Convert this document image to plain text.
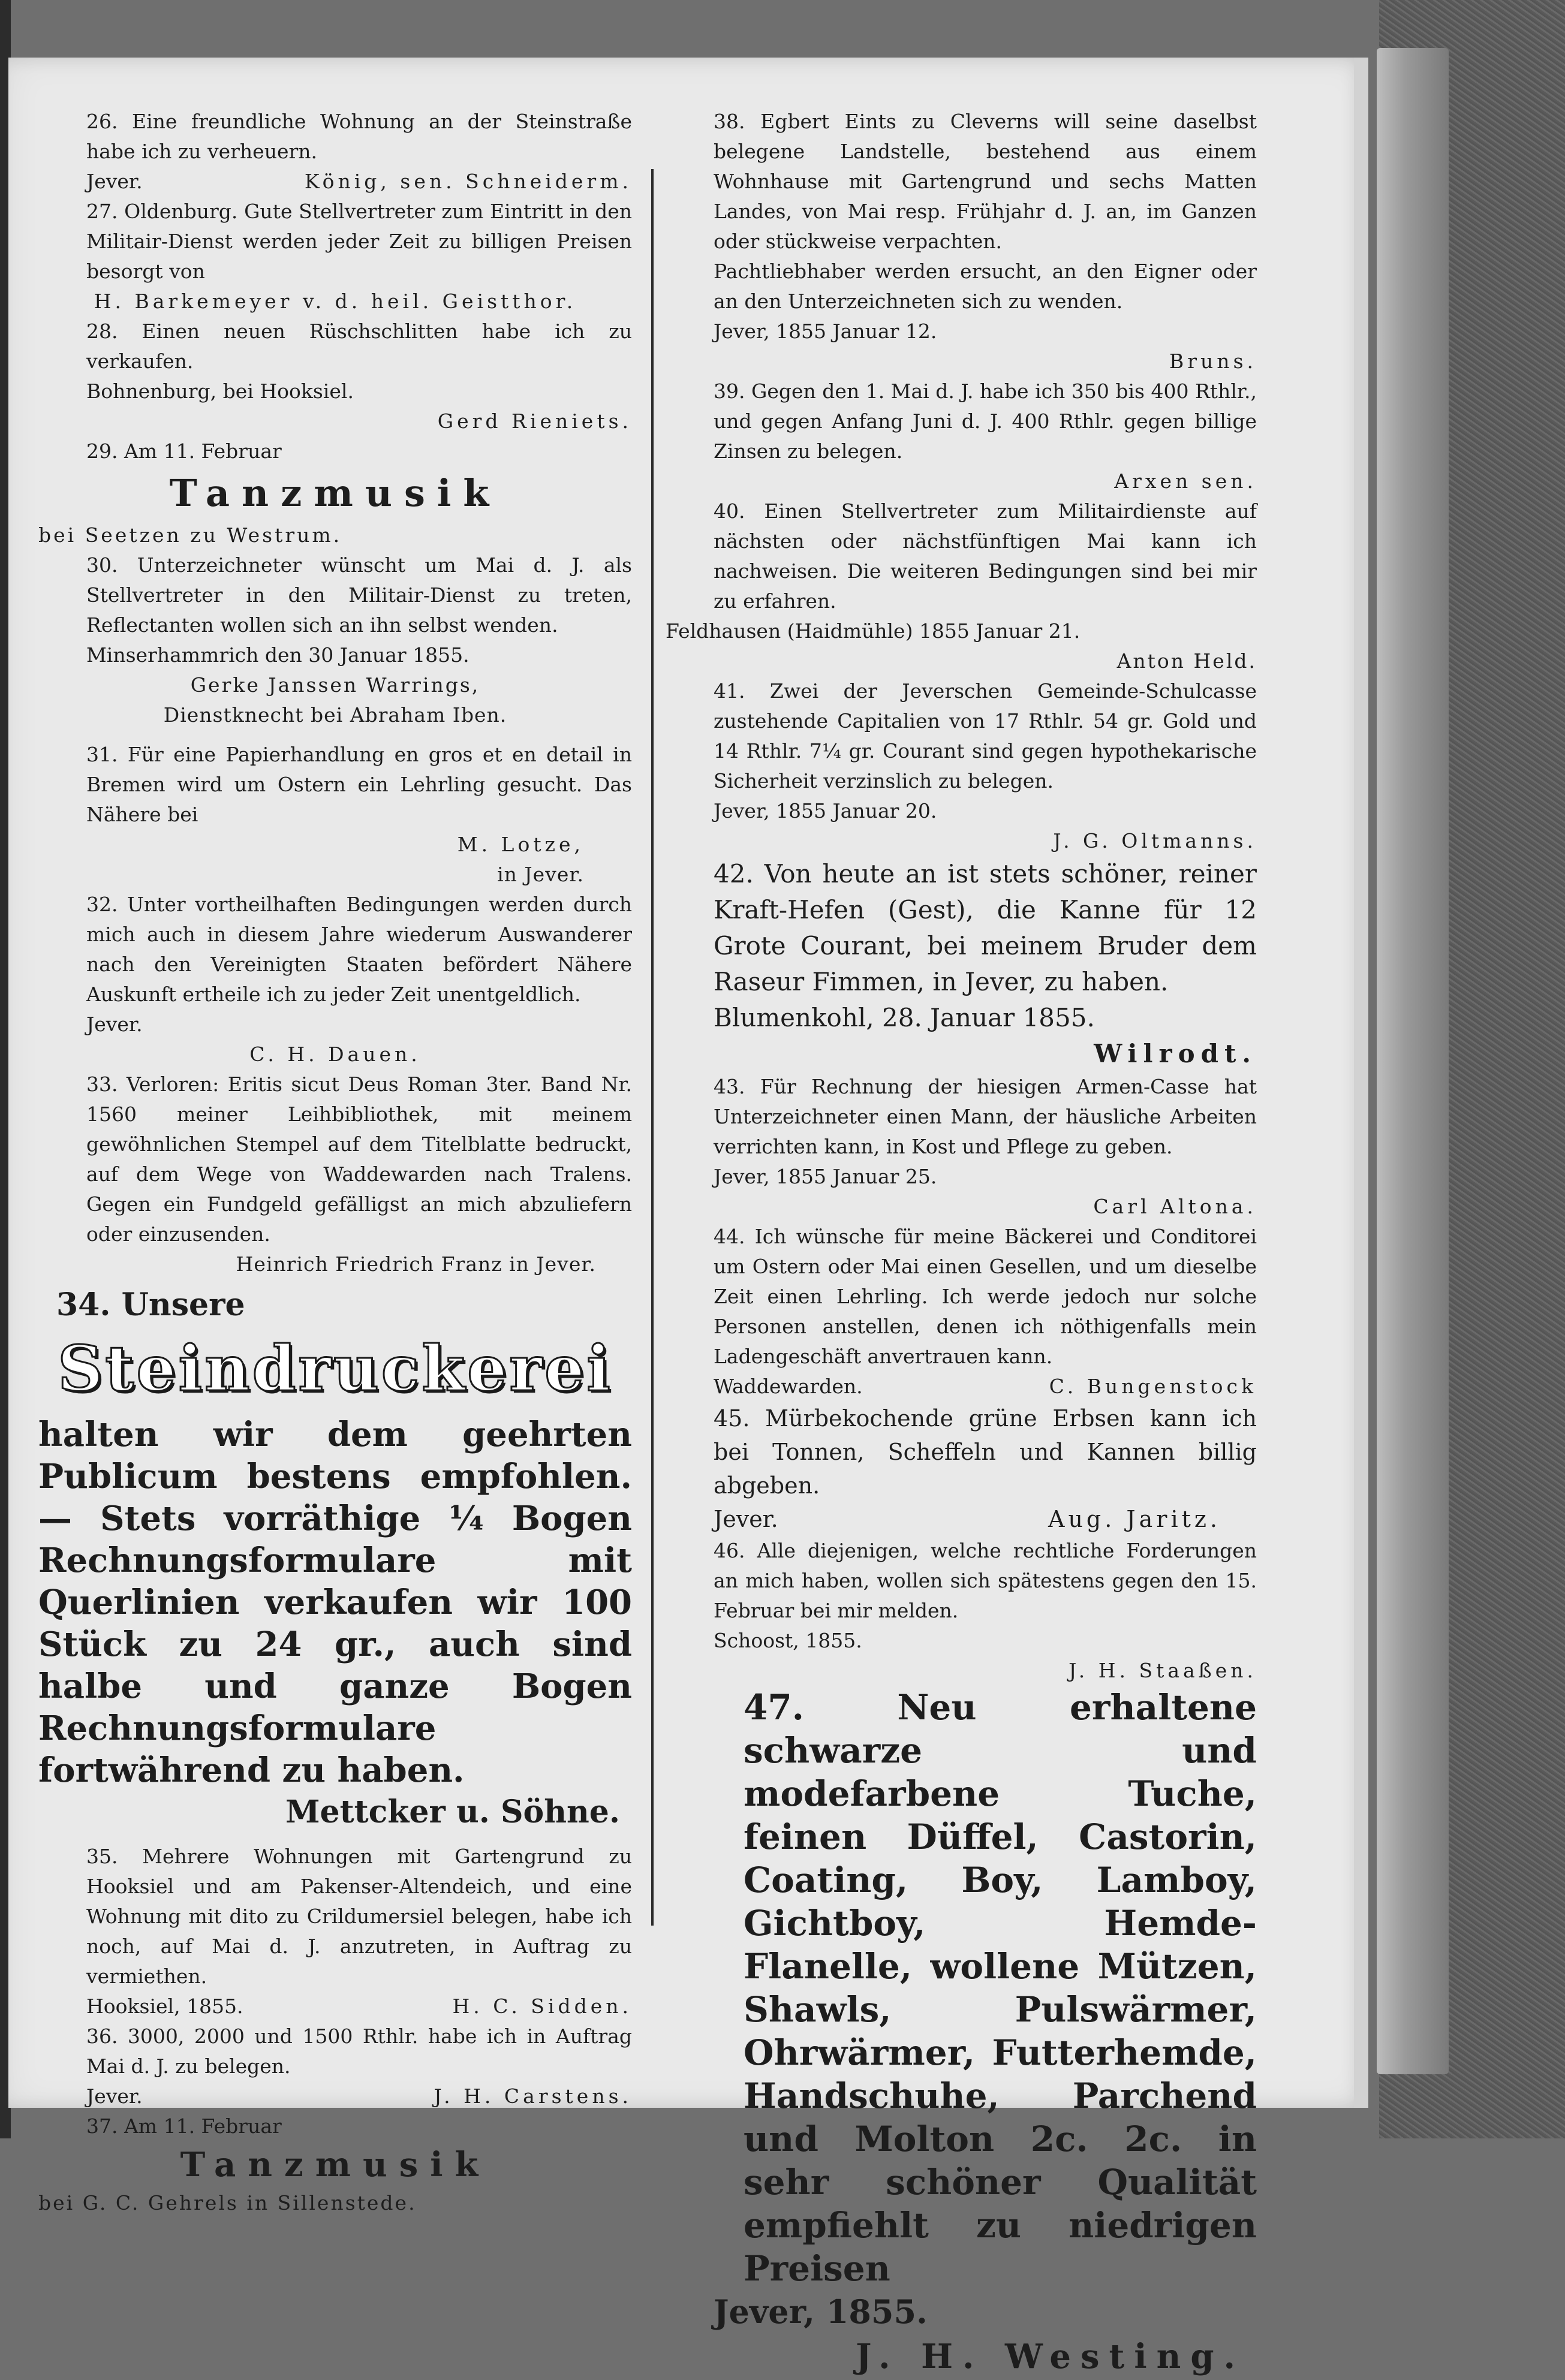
26. Eine freundliche Wohnung an der Steinstraße habe ich zu verheuern.

Jever.	König, sen. Schneiderm.

27. Oldenburg. Gute Stellvertreter zum Eintritt in den Militair-Dienst werden jeder Zeit zu billigen Preisen besorgt von

H. Barkemeyer v. d. heil. Geistthor.

28. Einen neuen Rüschschlitten habe ich zu verkaufen.

Bohnenburg, bei Hooksiel.

Gerd Rieniets.

29. Am 11. Februar

Tanzmusik

bei Seetzen zu Westrum.

30. Unterzeichneter wünscht um Mai d. J. als Stellvertreter in den Militair-Dienst zu treten, Reflectanten wollen sich an ihn selbst wenden.

Minserhammrich den 30 Januar 1855.

Gerke Janssen Warrings,

Dienstknecht bei Abraham Iben.

31. Für eine Papierhandlung en gros et en detail in Bremen wird um Ostern ein Lehrling gesucht. Das Nähere bei

M. Lotze,

in Jever.

32. Unter vortheilhaften Bedingungen werden durch mich auch in diesem Jahre wiederum Auswanderer nach den Vereinigten Staaten befördert Nähere Auskunft ertheile ich zu jeder Zeit unentgeldlich.

Jever.

C. H. Dauen.

33. Verloren: Eritis sicut Deus Roman 3ter. Band Nr. 1560 meiner Leihbibliothek, mit meinem gewöhnlichen Stempel auf dem Titelblatte bedruckt, auf dem Wege von Waddewarden nach Tralens. Gegen ein Fundgeld gefälligst an mich abzuliefern oder einzusenden.

Heinrich Friedrich Franz in Jever.

34. Unsere
Steindruckerei

halten wir dem geehrten Publicum bestens empfohlen. — Stets vorräthige ¼ Bogen Rechnungsformulare mit Querlinien verkaufen wir 100 Stück zu 24 gr., auch sind halbe und ganze Bogen Rechnungsformulare fortwährend zu haben.

Mettcker u. Söhne.

35. Mehrere Wohnungen mit Gartengrund zu Hooksiel und am Pakenser-Altendeich, und eine Wohnung mit dito zu Crildumersiel belegen, habe ich noch, auf Mai d. J. anzutreten, in Auftrag zu vermiethen.

Hooksiel, 1855.	H. C. Sidden.

36. 3000, 2000 und 1500 Rthlr. habe ich in Auftrag Mai d. J. zu belegen.

Jever.	J. H. Carstens.

37. Am 11. Februar

Tanzmusik

bei G. C. Gehrels in Sillenstede.

38. Egbert Eints zu Cleverns will seine daselbst belegene Landstelle, bestehend aus einem Wohnhause mit Gartengrund und sechs Matten Landes, von Mai resp. Frühjahr d. J. an, im Ganzen oder stückweise verpachten.

Pachtliebhaber werden ersucht, an den Eigner oder an den Unterzeichneten sich zu wenden.

Jever, 1855 Januar 12.

Bruns.

39. Gegen den 1. Mai d. J. habe ich 350 bis 400 Rthlr., und gegen Anfang Juni d. J. 400 Rthlr. gegen billige Zinsen zu belegen.

Arxen sen.

40. Einen Stellvertreter zum Militairdienste auf nächsten oder nächstfünftigen Mai kann ich nachweisen. Die weiteren Bedingungen sind bei mir zu erfahren.

Feldhausen (Haidmühle) 1855 Januar 21.

Anton Held.

41. Zwei der Jeverschen Gemeinde-Schulcasse zustehende Capitalien von 17 Rthlr. 54 gr. Gold und 14 Rthlr. 7¼ gr. Courant sind gegen hypothekarische Sicherheit verzinslich zu belegen.

Jever, 1855 Januar 20.

J. G. Oltmanns.

42. Von heute an ist stets schöner, reiner Kraft-Hefen (Gest), die Kanne für 12 Grote Courant, bei meinem Bruder dem Raseur Fimmen, in Jever, zu haben.

Blumenkohl, 28. Januar 1855.

Wilrodt.

43. Für Rechnung der hiesigen Armen-Casse hat Unterzeichneter einen Mann, der häusliche Arbeiten verrichten kann, in Kost und Pflege zu geben.

Jever, 1855 Januar 25.

Carl Altona.

44. Ich wünsche für meine Bäckerei und Conditorei um Ostern oder Mai einen Gesellen, und um dieselbe Zeit einen Lehrling. Ich werde jedoch nur solche Personen anstellen, denen ich nöthigenfalls mein Ladengeschäft anvertrauen kann.

Waddewarden.	C. Bungenstock

45. Mürbekochende grüne Erbsen kann ich bei Tonnen, Scheffeln und Kannen billig abgeben.

Jever.	Aug. Jaritz.

46. Alle diejenigen, welche rechtliche Forderungen an mich haben, wollen sich spätestens gegen den 15. Februar bei mir melden.

Schoost, 1855.

J. H. Staaßen.

47. Neu erhaltene schwarze und modefarbene Tuche, feinen Düffel, Castorin, Coating, Boy, Lamboy, Gichtboy, Hemde-Flanelle, wollene Mützen, Shawls, Pulswärmer, Ohrwärmer, Futterhemde, Handschuhe, Parchend und Molton 2c. 2c. in sehr schöner Qualität empfiehlt zu niedrigen Preisen

Jever, 1855.

J. H. Westing.
